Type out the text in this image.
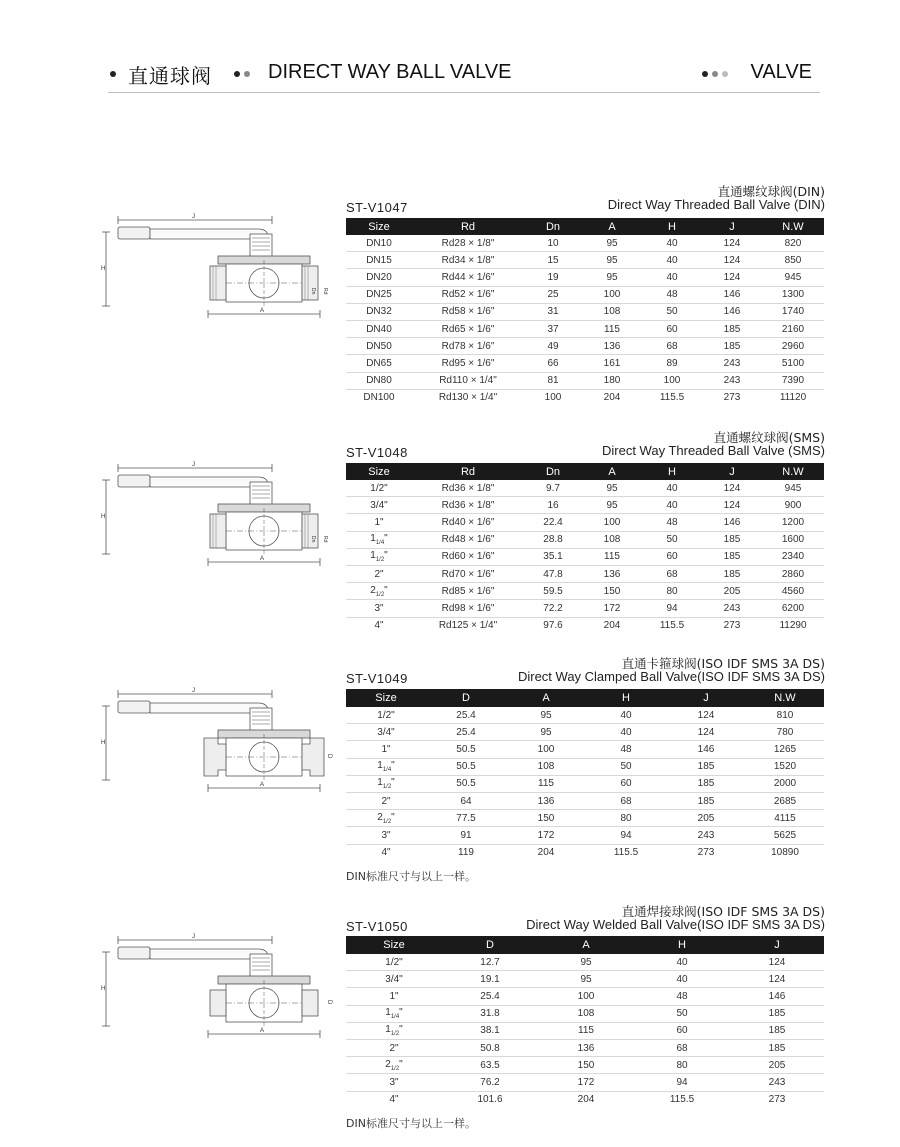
直通球阀	DIRECT WAY BALL VALVE	VALVE
J
H
A
Rd
Dn
直通螺纹球阀(DIN)
ST-V1047	Direct Way Threaded Ball Valve (DIN)
Size	Rd	Dn	A	H	J	N.W
DN10	Rd28 × 1/8"	10	95	40	124	820
DN15	Rd34 × 1/8"	15	95	40	124	850
DN20	Rd44 × 1/6"	19	95	40	124	945
DN25	Rd52 × 1/6"	25	100	48	146	1300
DN32	Rd58 × 1/6"	31	108	50	146	1740
DN40	Rd65 × 1/6"	37	115	60	185	2160
DN50	Rd78 × 1/6"	49	136	68	185	2960
DN65	Rd95 × 1/6"	66	161	89	243	5100
DN80	Rd110 × 1/4"	81	180	100	243	7390
DN100	Rd130 × 1/4"	100	204	115.5	273	11120
J
H
A
Rd
Dn
直通螺纹球阀(SMS)
ST-V1048	Direct Way Threaded Ball Valve (SMS)
Size	Rd	Dn	A	H	J	N.W
1/2"	Rd36 × 1/8"	9.7	95	40	124	945
3/4"	Rd36 × 1/8"	16	95	40	124	900
1"	Rd40 × 1/6"	22.4	100	48	146	1200
$1_{1/4}$"	Rd48 × 1/6"	28.8	108	50	185	1600
$1_{1/2}$"	Rd60 × 1/6"	35.1	115	60	185	2340
2"	Rd70 × 1/6"	47.8	136	68	185	2860
$2_{1/2}$"	Rd85 × 1/6"	59.5	150	80	205	4560
3"	Rd98 × 1/6"	72.2	172	94	243	6200
4"	Rd125 × 1/4"	97.6	204	115.5	273	11290
J
H
A
D
直通卡箍球阀(ISO IDF SMS 3A DS)
ST-V1049	Direct Way Clamped Ball Valve(ISO IDF SMS 3A DS)
Size	D	A	H	J	N.W
1/2"	25.4	95	40	124	810
3/4"	25.4	95	40	124	780
1"	50.5	100	48	146	1265
$1_{1/4}$"	50.5	108	50	185	1520
$1_{1/2}$"	50.5	115	60	185	2000
2"	64	136	68	185	2685
$2_{1/2}$"	77.5	150	80	205	4115
3"	91	172	94	243	5625
4"	119	204	115.5	273	10890
DIN标准尺寸与以上一样。
J
H
A
D
直通焊接球阀(ISO IDF SMS 3A DS)
ST-V1050	Direct Way Welded Ball Valve(ISO IDF SMS 3A DS)
Size	D	A	H	J
1/2"	12.7	95	40	124
3/4"	19.1	95	40	124
1"	25.4	100	48	146
$1_{1/4}$"	31.8	108	50	185
$1_{1/2}$"	38.1	115	60	185
2"	50.8	136	68	185
$2_{1/2}$"	63.5	150	80	205
3"	76.2	172	94	243
4"	101.6	204	115.5	273
DIN标准尺寸与以上一样。
